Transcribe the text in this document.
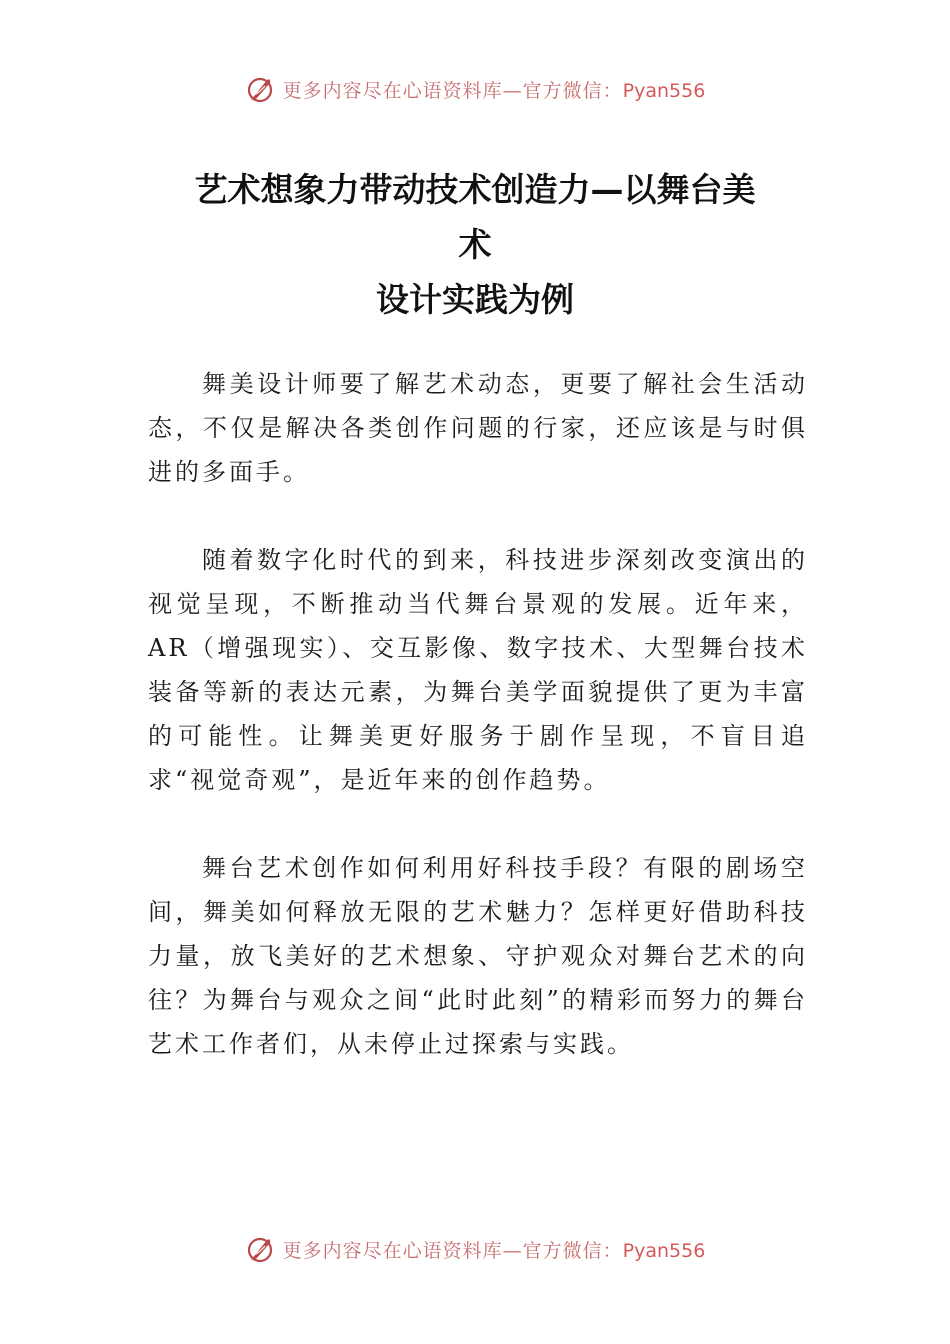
更多内容尽在心语资料库—官方微信：Pyan556
艺术想象力带动技术创造力—以舞台美
术
设计实践为例

舞美设计师要了解艺术动态，更要了解社会生活动态，不仅是解决各类创作问题的行家，还应该是与时俱进的多面手。

随着数字化时代的到来，科技进步深刻改变演出的视觉呈现，不断推动当代舞台景观的发展。近年来，AR（增强现实）、交互影像、数字技术、大型舞台技术装备等新的表达元素，为舞台美学面貌提供了更为丰富的可能性。让舞美更好服务于剧作呈现，不盲目追求“视觉奇观”，是近年来的创作趋势。

舞台艺术创作如何利用好科技手段？有限的剧场空间，舞美如何释放无限的艺术魅力？怎样更好借助科技力量，放飞美好的艺术想象、守护观众对舞台艺术的向往？为舞台与观众之间“此时此刻”的精彩而努力的舞台艺术工作者们，从未停止过探索与实践。

更多内容尽在心语资料库—官方微信：Pyan556
